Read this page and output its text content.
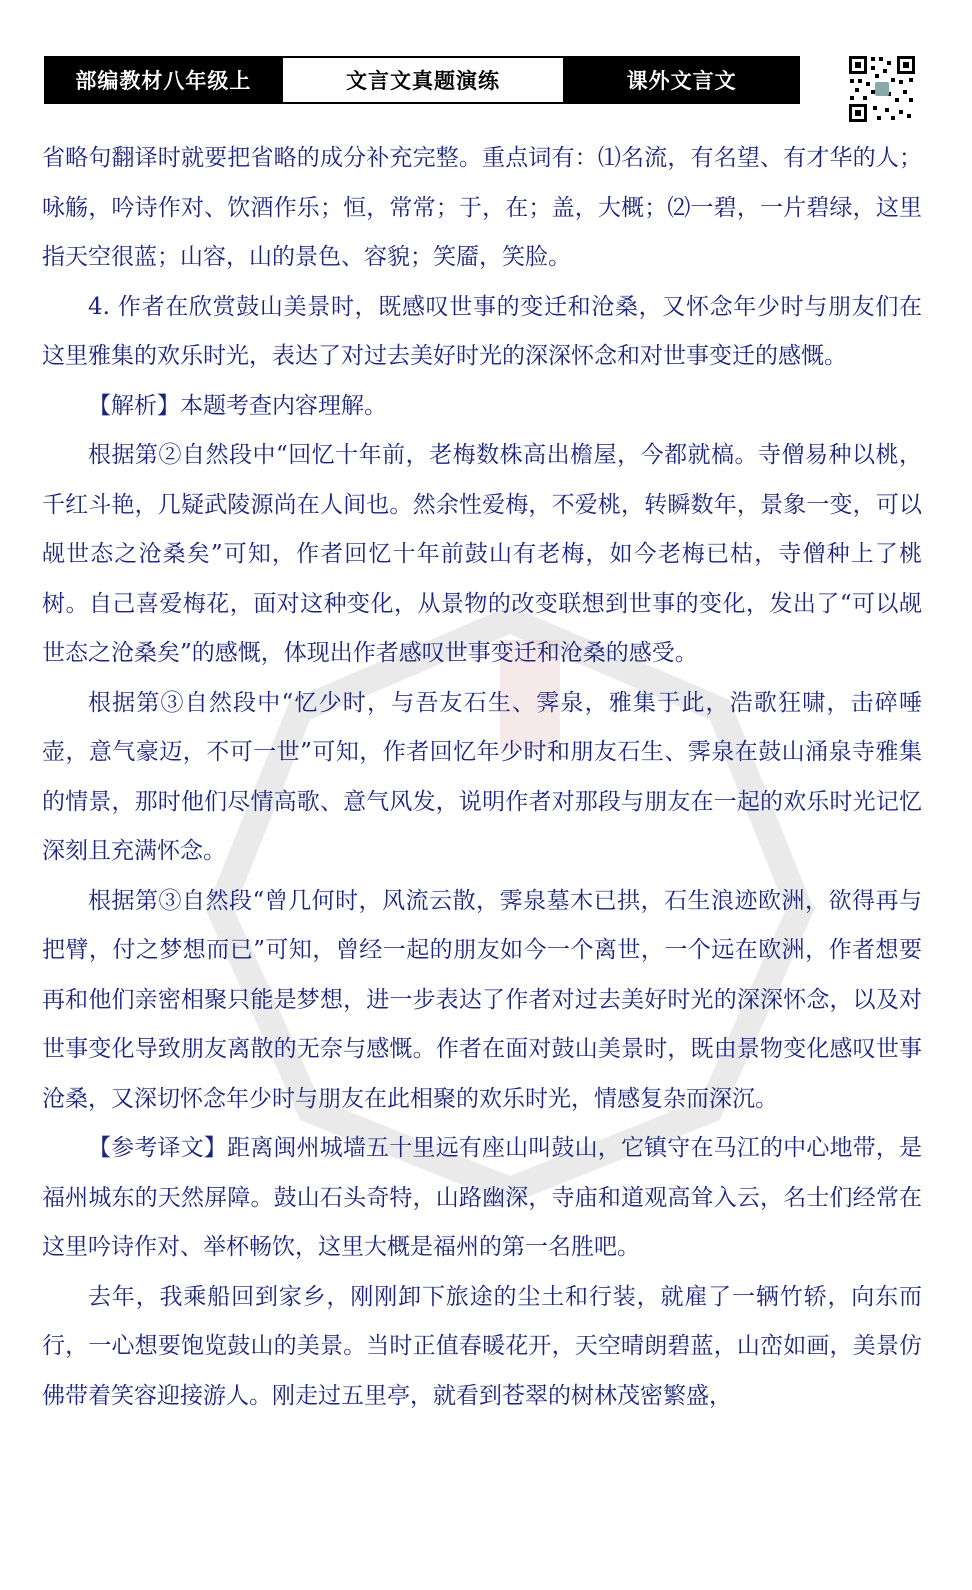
部编教材八年级上	文言文真题演练	课外文言文

省略句翻译时就要把省略的成分补充完整。重点词有：⑴名流，有名望、有才华的人；咏觞，吟诗作对、饮酒作乐；恒，常常；于，在；盖，大概；⑵一碧，一片碧绿，这里指天空很蓝；山容，山的景色、容貌；笑靥，笑脸。

4. 作者在欣赏鼓山美景时，既感叹世事的变迁和沧桑，又怀念年少时与朋友们在这里雅集的欢乐时光，表达了对过去美好时光的深深怀念和对世事变迁的感慨。

【解析】本题考查内容理解。

根据第②自然段中“回忆十年前，老梅数株高出檐屋，今都就槁。寺僧易种以桃，千红斗艳，几疑武陵源尚在人间也。然余性爱梅，不爱桃，转瞬数年，景象一变，可以觇世态之沧桑矣”可知，作者回忆十年前鼓山有老梅，如今老梅已枯，寺僧种上了桃树。自己喜爱梅花，面对这种变化，从景物的改变联想到世事的变化，发出了“可以觇世态之沧桑矣”的感慨，体现出作者感叹世事变迁和沧桑的感受。

根据第③自然段中“忆少时，与吾友石生、霁泉，雅集于此，浩歌狂啸，击碎唾壶，意气豪迈，不可一世”可知，作者回忆年少时和朋友石生、霁泉在鼓山涌泉寺雅集的情景，那时他们尽情高歌、意气风发，说明作者对那段与朋友在一起的欢乐时光记忆深刻且充满怀念。

根据第③自然段“曾几何时，风流云散，霁泉墓木已拱，石生浪迹欧洲，欲得再与把臂，付之梦想而已”可知，曾经一起的朋友如今一个离世，一个远在欧洲，作者想要再和他们亲密相聚只能是梦想，进一步表达了作者对过去美好时光的深深怀念，以及对世事变化导致朋友离散的无奈与感慨。作者在面对鼓山美景时，既由景物变化感叹世事沧桑，又深切怀念年少时与朋友在此相聚的欢乐时光，情感复杂而深沉。

【参考译文】距离闽州城墙五十里远有座山叫鼓山，它镇守在马江的中心地带，是福州城东的天然屏障。鼓山石头奇特，山路幽深，寺庙和道观高耸入云，名士们经常在这里吟诗作对、举杯畅饮，这里大概是福州的第一名胜吧。

去年，我乘船回到家乡，刚刚卸下旅途的尘土和行装，就雇了一辆竹轿，向东而行，一心想要饱览鼓山的美景。当时正值春暖花开，天空晴朗碧蓝，山峦如画，美景仿佛带着笑容迎接游人。刚走过五里亭，就看到苍翠的树林茂密繁盛，
